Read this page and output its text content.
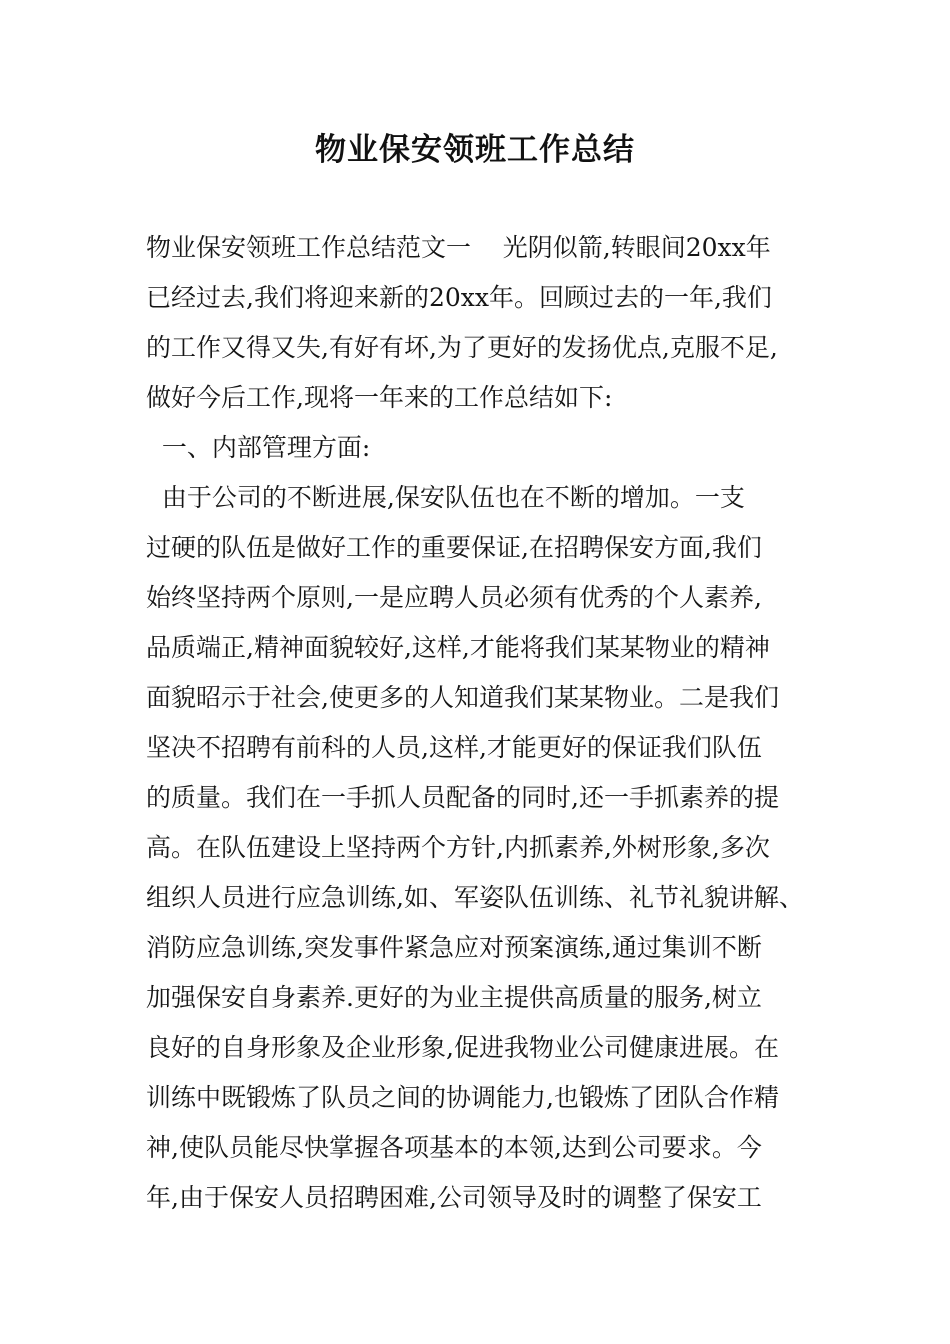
物业保安领班工作总结
物业保安领班工作总结范文一    光阴似箭,转眼间20xx年
已经过去,我们将迎来新的20xx年。回顾过去的一年,我们
的工作又得又失,有好有坏,为了更好的发扬优点,克服不足,
做好今后工作,现将一年来的工作总结如下:
一、内部管理方面:
由于公司的不断进展,保安队伍也在不断的增加。一支
过硬的队伍是做好工作的重要保证,在招聘保安方面,我们
始终坚持两个原则,一是应聘人员必须有优秀的个人素养,
品质端正,精神面貌较好,这样,才能将我们某某物业的精神
面貌昭示于社会,使更多的人知道我们某某物业。二是我们
坚决不招聘有前科的人员,这样,才能更好的保证我们队伍
的质量。我们在一手抓人员配备的同时,还一手抓素养的提
高。在队伍建设上坚持两个方针,内抓素养,外树形象,多次
组织人员进行应急训练,如、军姿队伍训练、礼节礼貌讲解、
消防应急训练,突发事件紧急应对预案演练,通过集训不断
加强保安自身素养.更好的为业主提供高质量的服务,树立
良好的自身形象及企业形象,促进我物业公司健康进展。在
训练中既锻炼了队员之间的协调能力,也锻炼了团队合作精
神,使队员能尽快掌握各项基本的本领,达到公司要求。今
年,由于保安人员招聘困难,公司领导及时的调整了保安工
